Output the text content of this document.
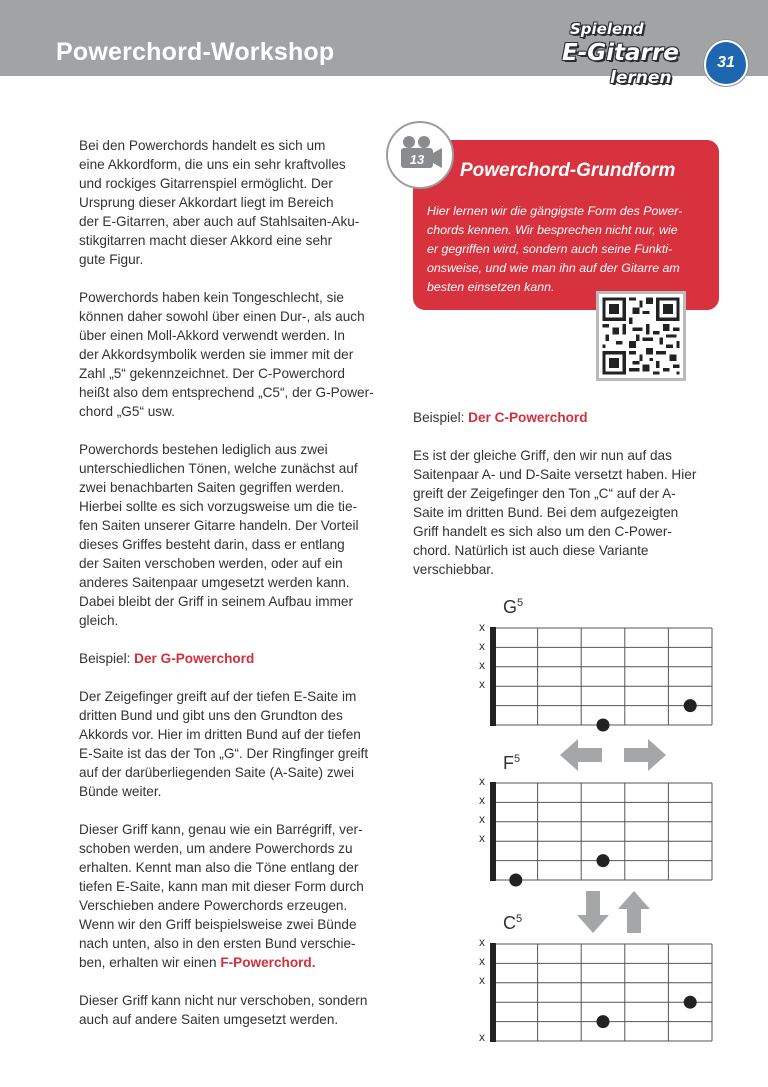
Powerchord-Workshop
Spielend
E-Gitarre
lernen
31

Bei den Powerchords handelt es sich um
eine Akkordform, die uns ein sehr kraftvolles
und rockiges Gitarrenspiel ermöglicht. Der
Ursprung dieser Akkordart liegt im Bereich
der E-Gitarren, aber auch auf Stahlsaiten-Aku-
stikgitarren macht dieser Akkord eine sehr
gute Figur.

Powerchords haben kein Tongeschlecht, sie
können daher sowohl über einen Dur-, als auch
über einen Moll-Akkord verwendt werden. In
der Akkordsymbolik werden sie immer mit der
Zahl „5“ gekennzeichnet. Der C-Powerchord
heißt also dem entsprechend „C5“, der G-Power-
chord „G5“ usw.

Powerchords bestehen lediglich aus zwei
unterschiedlichen Tönen, welche zunächst auf
zwei benachbarten Saiten gegriffen werden.
Hierbei sollte es sich vorzugsweise um die tie-
fen Saiten unserer Gitarre handeln. Der Vorteil
dieses Griffes besteht darin, dass er entlang
der Saiten verschoben werden, oder auf ein
anderes Saitenpaar umgesetzt werden kann.
Dabei bleibt der Griff in seinem Aufbau immer
gleich.

Beispiel: Der G-Powerchord

Der Zeigefinger greift auf der tiefen E-Saite im
dritten Bund und gibt uns den Grundton des
Akkords vor. Hier im dritten Bund auf der tiefen
E-Saite ist das der Ton „G“. Der Ringfinger greift
auf der darüberliegenden Saite (A-Saite) zwei
Bünde weiter.

Dieser Griff kann, genau wie ein Barrégriff, ver-
schoben werden, um andere Powerchords zu
erhalten. Kennt man also die Töne entlang der
tiefen E-Saite, kann man mit dieser Form durch
Verschieben andere Powerchords erzeugen.
Wenn wir den Griff beispielsweise zwei Bünde
nach unten, also in den ersten Bund verschie-
ben, erhalten wir einen F-Powerchord.

Dieser Griff kann nicht nur verschoben, sondern
auch auf andere Saiten umgesetzt werden.

Powerchord-Grundform
Hier lernen wir die gängigste Form des Power-
chords kennen. Wir besprechen nicht nur, wie
er gegriffen wird, sondern auch seine Funkti-
onsweise, und wie man ihn auf der Gitarre am
besten einsetzen kann.
13

Beispiel: Der C-Powerchord

Es ist der gleiche Griff, den wir nun auf das
Saitenpaar A- und D-Saite versetzt haben. Hier
greift der Zeigefinger den Ton „C“ auf der A-
Saite im dritten Bund. Bei dem aufgezeigten
Griff handelt es sich also um den C-Power-
chord. Natürlich ist auch diese Variante
verschiebbar.

$G^5$
x
x
x
x
$F^5$
x
x
x
x
$C^5$
x
x
x
x
